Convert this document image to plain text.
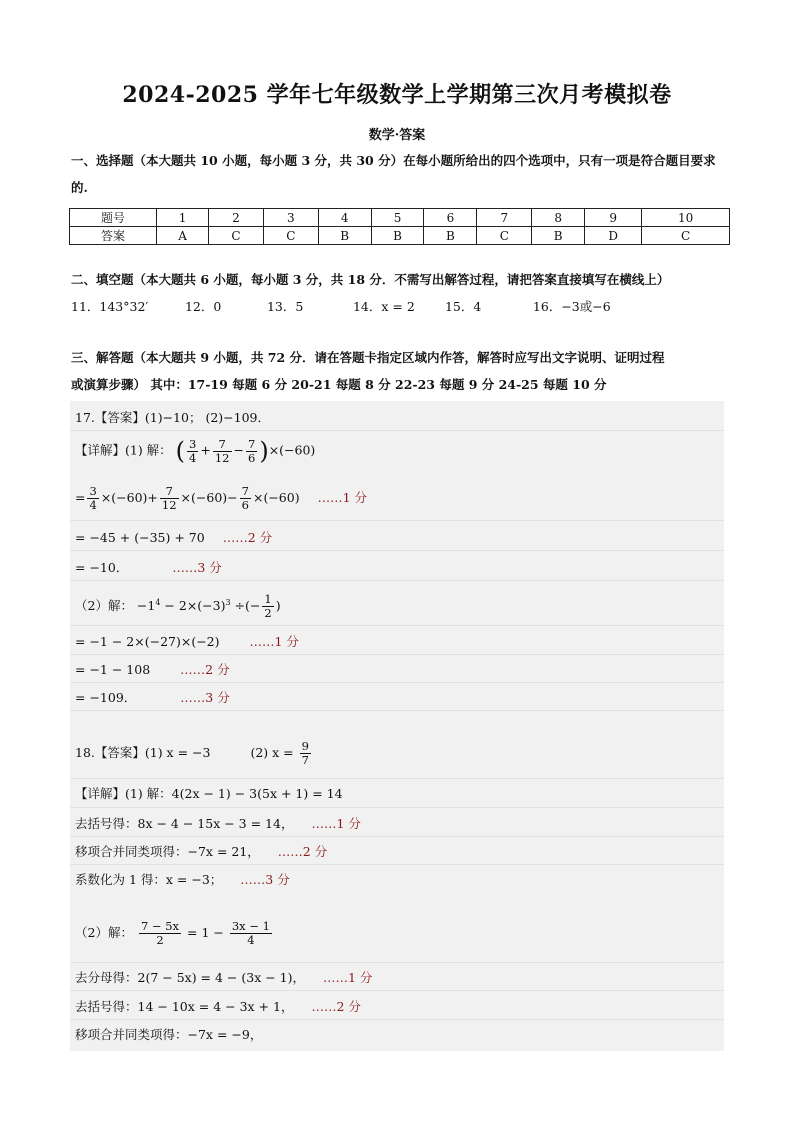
2024-2025 学年七年级数学上学期第三次月考模拟卷
数学·答案
一、选择题（本大题共 10 小题，每小题 3 分，共 30 分）在每小题所给出的四个选项中，只有一项是符合题目要求的.
题号	1	2	3	4	5	6	7	8	9	10
答案	A	C	C	B	B	B	C	B	D	C
二、填空题（本大题共 6 小题，每小题 3 分，共 18 分．不需写出解答过程，请把答案直接填写在横线上）
11．143°32′	12．0	13．5	14．x = 2 15．4	16．−3或−6
三、解答题（本大题共 9 小题，共 72 分．请在答题卡指定区域内作答，解答时应写出文字说明、证明过程
或演算步骤） 其中：17-19 每题 6 分 20-21 每题 8 分 22-23 每题 9 分 24-25 每题 10 分
17.【答案】(1)−10； (2)−109．
【详解】(1) 解： ( $\frac{3}{4} + \frac{7}{12} - \frac{7}{6} )\times(-60)$
= $\frac{3}{4} \times(-60)+ \frac{7}{12} \times(-60)- \frac{7}{6} \times(-60)$ ……1 分
= −45 + (−35) + 70 ……2 分
= −10．	……3 分
（2）解： $-1^4 - 2\times(-3)^3$ ÷(− $\frac{1}{2}$ )
= −1 − 2×(−27)×(−2) ……1 分
= −1 − 108 ……2 分
= −109．	……3 分
18.【答案】(1) x = −3	(2) $x = \frac{9}{7}$
【详解】(1) 解：4(2x − 1) − 3(5x + 1) = 14
去括号得：8x − 4 − 15x − 3 = 14， ……1 分
移项合并同类项得：−7x = 21， ……2 分
系数化为 1 得：x = −3； ……3 分
（2）解： $\frac{7 - 5x}{2} = 1 - \frac{3x - 1}{4}$
去分母得：2(7 − 5x) = 4 − (3x − 1)， ……1 分
去括号得：14 − 10x = 4 − 3x + 1， ……2 分
移项合并同类项得：−7x = −9，
